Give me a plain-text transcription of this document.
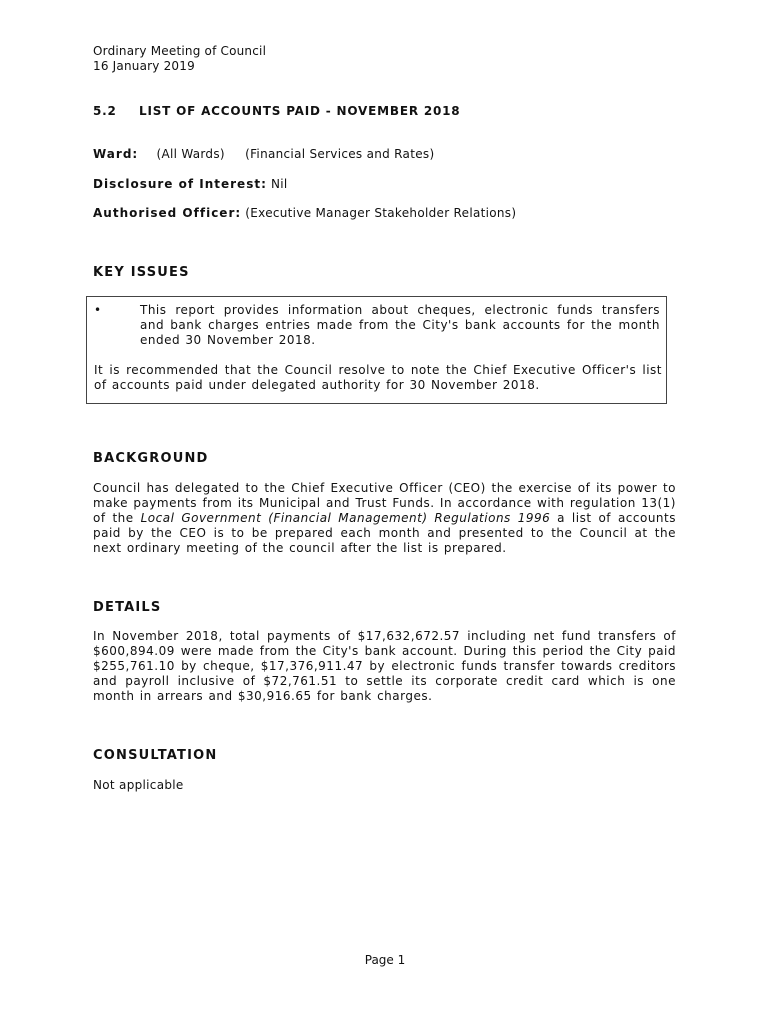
Ordinary Meeting of Council
16 January 2019
5.2 LIST OF ACCOUNTS PAID - NOVEMBER 2018
Ward: (All Wards) (Financial Services and Rates)
Disclosure of Interest: Nil
Authorised Officer: (Executive Manager Stakeholder Relations)
KEY ISSUES
•	This report provides information about cheques, electronic funds transfers and bank charges entries made from the City's bank accounts for the month ended 30 November 2018.
It is recommended that the Council resolve to note the Chief Executive Officer's list of accounts paid under delegated authority for 30 November 2018.
BACKGROUND
Council has delegated to the Chief Executive Officer (CEO) the exercise of its power to make payments from its Municipal and Trust Funds. In accordance with regulation 13(1) of the Local Government (Financial Management) Regulations 1996 a list of accounts paid by the CEO is to be prepared each month and presented to the Council at the next ordinary meeting of the council after the list is prepared.
DETAILS
In November 2018, total payments of $17,632,672.57 including net fund transfers of $600,894.09 were made from the City's bank account. During this period the City paid $255,761.10 by cheque, $17,376,911.47 by electronic funds transfer towards creditors and payroll inclusive of $72,761.51 to settle its corporate credit card which is one month in arrears and $30,916.65 for bank charges.
CONSULTATION
Not applicable
Page 1
